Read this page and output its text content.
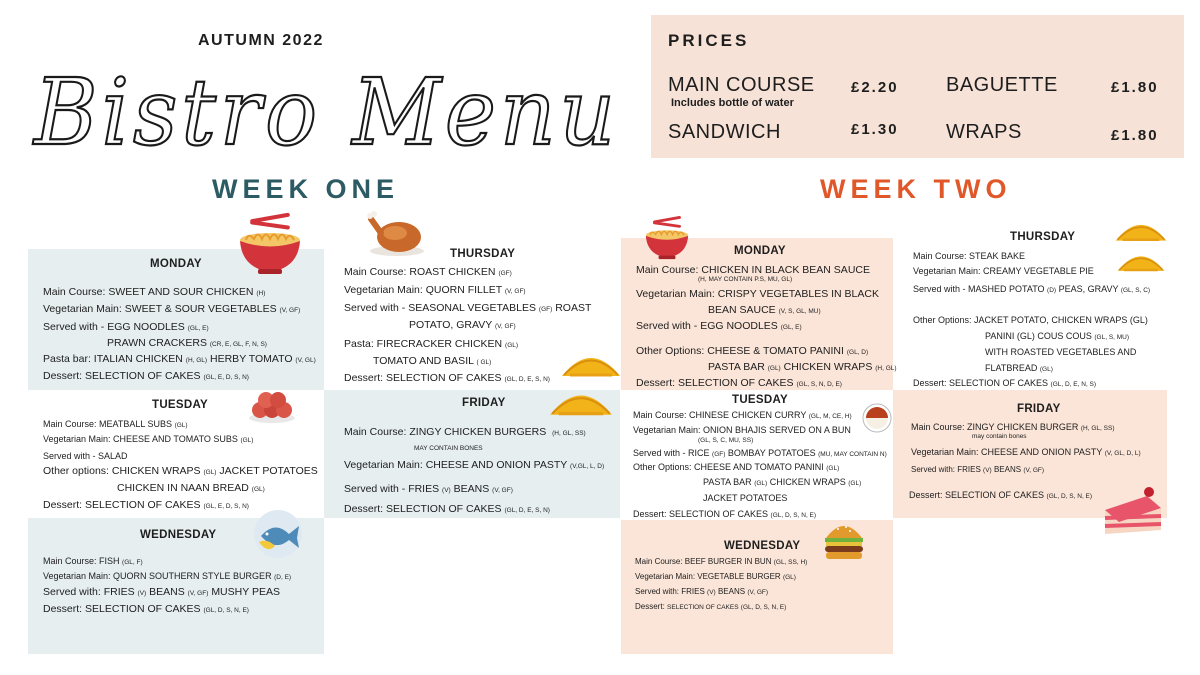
AUTUMN 2022
Bistro Menu
WEEK ONE	WEEK TWO
PRICES
MAIN COURSE
Includes bottle of water
£2.20
SANDWICH	£1.30
BAGUETTE	£1.80
WRAPS	£1.80
MONDAY
Main Course: SWEET AND SOUR CHICKEN (H)
Vegetarian Main: SWEET & SOUR VEGETABLES (V, GF)
Served with - EGG NOODLES (GL, E)
PRAWN CRACKERS (CR, E, GL, F, N, S)
Pasta bar: ITALIAN CHICKEN (H, GL) HERBY TOMATO (V, GL)
Dessert: SELECTION OF CAKES (GL, E, D, S, N)
TUESDAY
Main Course: MEATBALL SUBS (GL)
Vegetarian Main: CHEESE AND TOMATO SUBS (GL)
Served with - SALAD
Other options: CHICKEN WRAPS (GL) JACKET POTATOES
CHICKEN IN NAAN BREAD (GL)
Dessert: SELECTION OF CAKES (GL, E, D, S, N)
WEDNESDAY
Main Course: FISH (GL, F)
Vegetarian Main: QUORN SOUTHERN STYLE BURGER (D, E)
Served with: FRIES (V) BEANS (V, GF) MUSHY PEAS
Dessert: SELECTION OF CAKES (GL, D, S, N, E)
THURSDAY
Main Course: ROAST CHICKEN (GF)
Vegetarian Main: QUORN FILLET (V, GF)
Served with - SEASONAL VEGETABLES (GF) ROAST
POTATO, GRAVY (V, GF)
Pasta: FIRECRACKER CHICKEN (GL)
TOMATO AND BASIL ( GL)
Dessert: SELECTION OF CAKES (GL, D, E, S, N)
FRIDAY
Main Course: ZINGY CHICKEN BURGERS (H, GL, SS)
MAY CONTAIN BONES
Vegetarian Main: CHEESE AND ONION PASTY (V,GL, L, D)
Served with - FRIES (V) BEANS (V, GF)
Dessert: SELECTION OF CAKES (GL, D, E, S, N)
MONDAY
Main Course: CHICKEN IN BLACK BEAN SAUCE
(H, MAY CONTAIN P.S, MU, GL)
Vegetarian Main: CRISPY VEGETABLES IN BLACK
BEAN SAUCE (V, S, GL, MU)
Served with - EGG NOODLES (GL, E)
Other Options: CHEESE & TOMATO PANINI (GL, D)
PASTA BAR (GL) CHICKEN WRAPS (H, GL)
Dessert: SELECTION OF CAKES (GL, S, N, D, E)
TUESDAY
Main Course: CHINESE CHICKEN CURRY (GL, M, CE, H)
Vegetarian Main: ONION BHAJIS SERVED ON A BUN
(GL, S, C, MU, SS)
Served with - RICE (GF) BOMBAY POTATOES (MU, MAY CONTAIN N)
Other Options: CHEESE AND TOMATO PANINI (GL)
PASTA BAR (GL) CHICKEN WRAPS (GL)
JACKET POTATOES
Dessert: SELECTION OF CAKES (GL, D, S, N, E)
WEDNESDAY
Main Course: BEEF BURGER IN BUN (GL, SS, H)
Vegetarian Main: VEGETABLE BURGER (GL)
Served with: FRIES (V) BEANS (V, GF)
Dessert: SELECTION OF CAKES (GL, D, S, N, E)
THURSDAY
Main Course: STEAK BAKE
Vegetarian Main: CREAMY VEGETABLE PIE
Served with - MASHED POTATO (D) PEAS, GRAVY (GL, S, C)
Other Options: JACKET POTATO, CHICKEN WRAPS (GL)
PANINI (GL) COUS COUS (GL, S, MU)
WITH ROASTED VEGETABLES AND
FLATBREAD (GL)
Dessert: SELECTION OF CAKES (GL, D, E, N, S)
FRIDAY
Main Course: ZINGY CHICKEN BURGER (H, GL, SS)
may contain bones
Vegetarian Main: CHEESE AND ONION PASTY (V, GL, D, L)
Served with: FRIES (V) BEANS (V, GF)
Dessert: SELECTION OF CAKES (GL, D, S, N, E)
